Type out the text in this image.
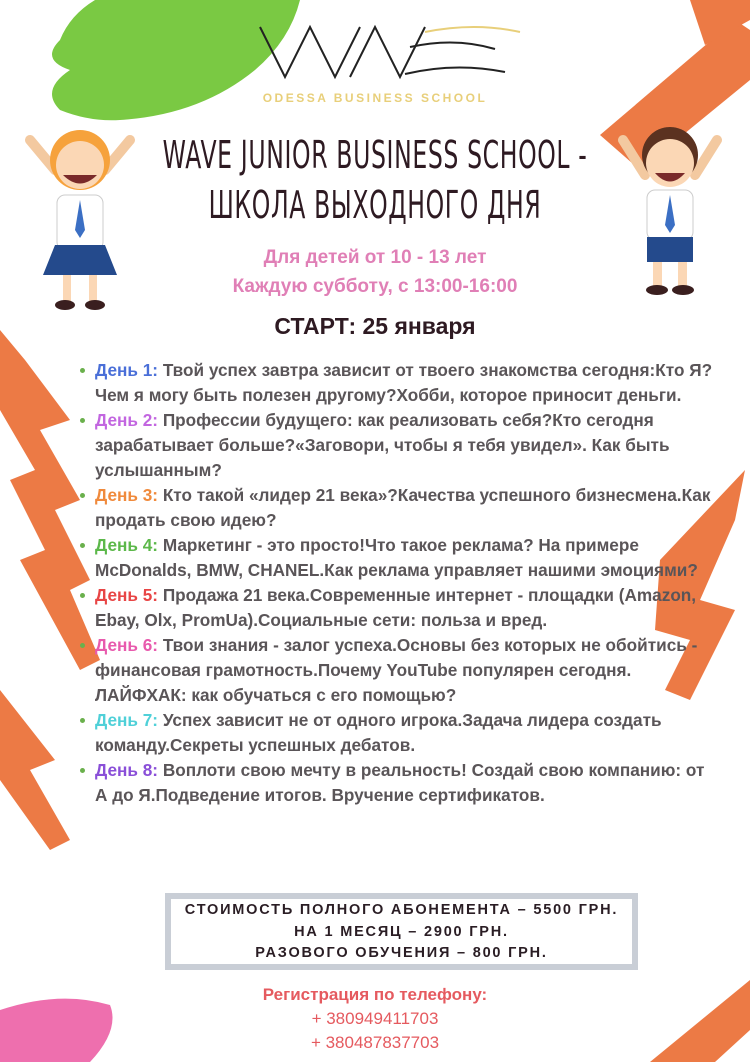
ODESSA BUSINESS SCHOOL
WAVE JUNIOR BUSINESS SCHOOL -
ШКОЛА ВЫХОДНОГО ДНЯ
Для детей от 10 - 13 лет
Каждую субботу, с 13:00-16:00
СТАРТ: 25 января
День 1: Твой успех завтра зависит от твоего знакомства сегодня:Кто Я? Чем я могу быть полезен другому?Хобби, которое приносит деньги.
День 2: Профессии будущего: как реализовать себя?Кто сегодня зарабатывает больше?«Заговори, чтобы я тебя увидел». Как быть услышанным?
День 3: Кто такой «лидер 21 века»?Качества успешного бизнесмена.Как продать свою идею?
День 4: Маркетинг - это просто!Что такое реклама? На примере McDonalds, BMW, CHANEL.Как реклама управляет нашими эмоциями?
День 5: Продажа 21 века.Современные интернет - площадки (Amazon, Ebay, Olx, PromUa).Социальные сети: польза и вред.
День 6: Твои знания - залог успеха.Основы без которых не обойтись - финансовая грамотность.Почему YouTube популярен сегодня. ЛАЙФХАК: как обучаться с его помощью?
День 7: Успех зависит не от одного игрока.Задача лидера создать команду.Секреты успешных дебатов.
День 8: Воплоти свою мечту в реальность! Создай свою компанию: от А до Я.Подведение итогов. Вручение сертификатов.
СТОИМОСТЬ ПОЛНОГО АБОНЕМЕНТА – 5500 ГРН.
НА 1 МЕСЯЦ – 2900 ГРН.
РАЗОВОГО ОБУЧЕНИЯ – 800 ГРН.
Регистрация по телефону:
+ 380949411703
+ 380487837703
